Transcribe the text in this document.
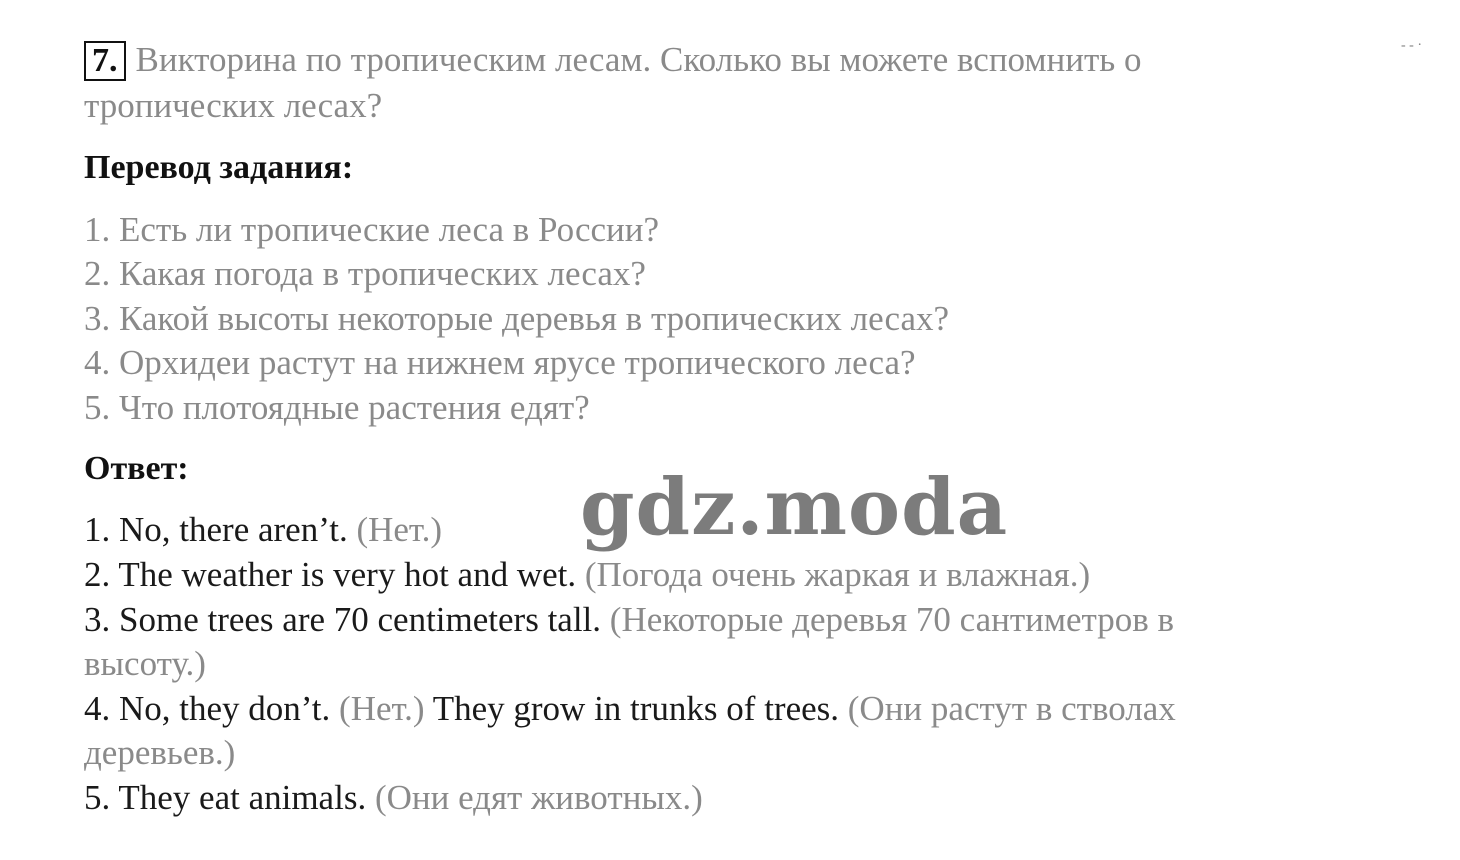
- - ·
7. Викторина по тропическим лесам. Сколько вы можете вспомнить о
тропических лесах?
Перевод задания:
1. Есть ли тропические леса в России?
2. Какая погода в тропических лесах?
3. Какой высоты некоторые деревья в тропических лесах?
4. Орхидеи растут на нижнем ярусе тропического леса?
5. Что плотоядные растения едят?
Ответ:
1. No, there aren’t. (Нет.)
2. The weather is very hot and wet. (Погода очень жаркая и влажная.)
3. Some trees are 70 centimeters tall. (Некоторые деревья 70 сантиметров в
высоту.)
4. No, they don’t. (Нет.) They grow in trunks of trees. (Они растут в стволах
деревьев.)
5. They eat animals. (Они едят животных.)
gdz.moda
